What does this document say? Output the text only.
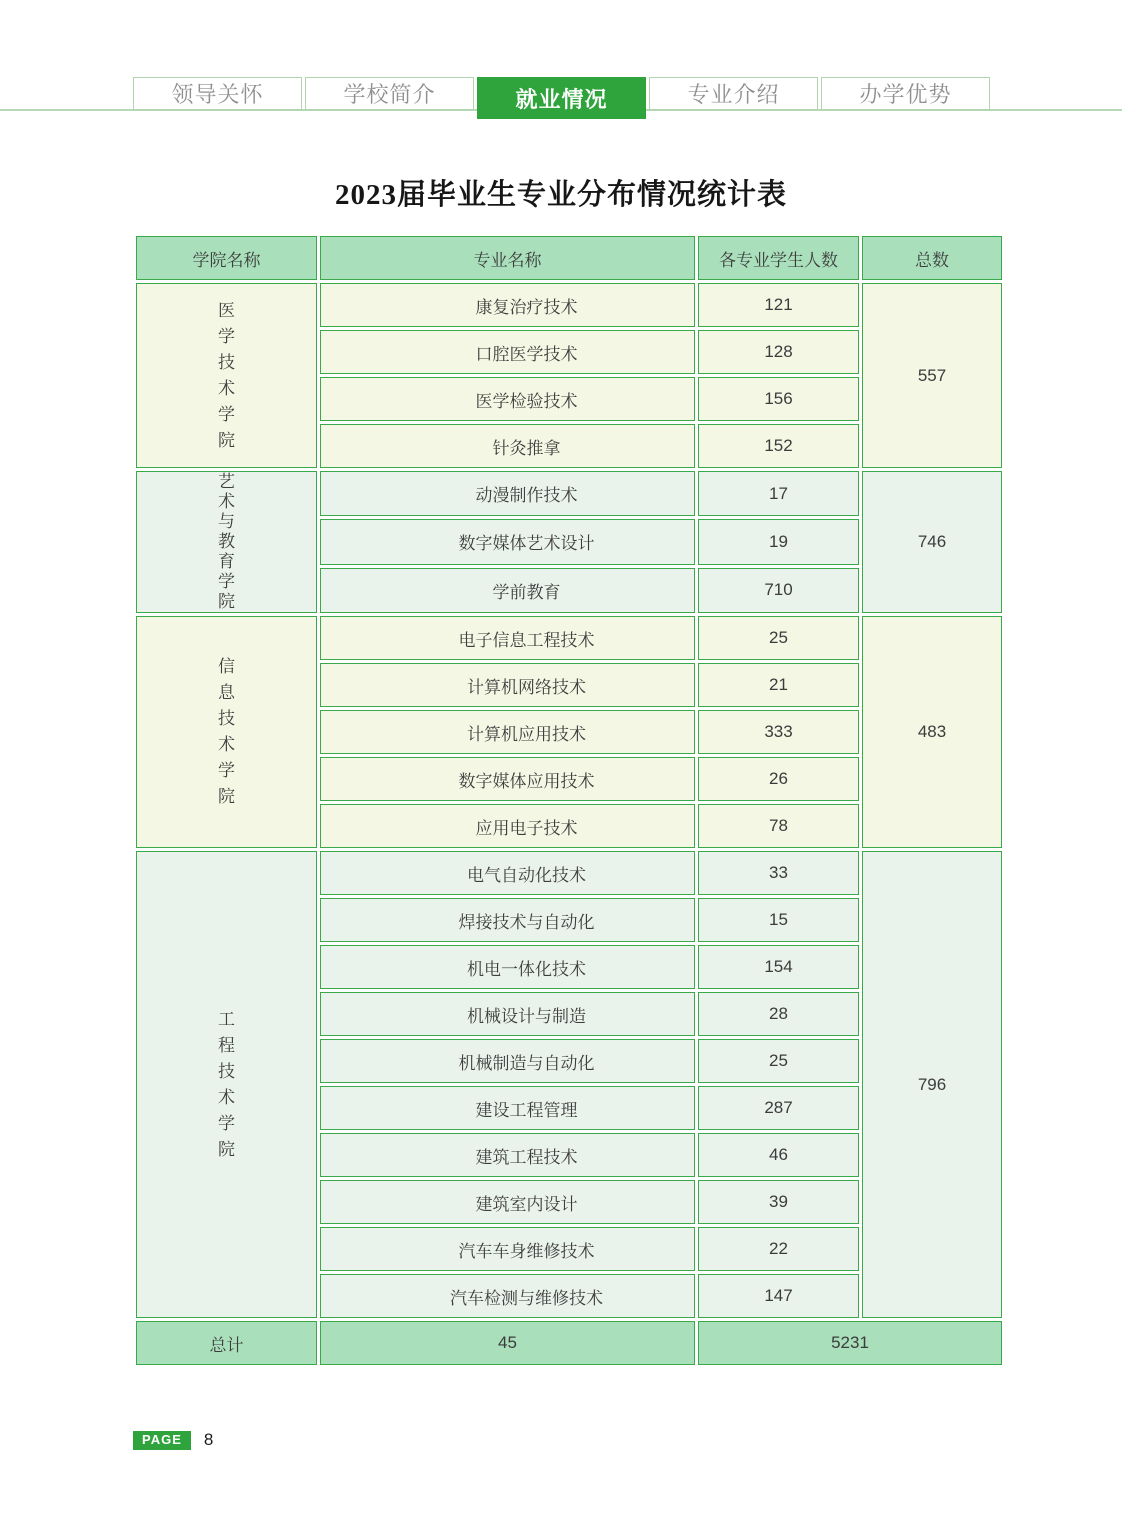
领导关怀	学校简介	就业情况	专业介绍	办学优势
2023届毕业生专业分布情况统计表
学院名称	专业名称	各专业学生人数	总数

医学技术学院	康复治疗技术	121	557
	口腔医学技术	128	
	医学检验技术	156	
	针灸推拿	152	

艺术与教育学院	动漫制作技术	17	746
	数字媒体艺术设计	19	
	学前教育	710	

信息技术学院	电子信息工程技术	25	483
	计算机网络技术	21	
	计算机应用技术	333	
	数字媒体应用技术	26	
	应用电子技术	78	

工程技术学院	电气自动化技术	33	796
	焊接技术与自动化	15	
	机电一体化技术	154	
	机械设计与制造	28	
	机械制造与自动化	25	
	建设工程管理	287	
	建筑工程技术	46	
	建筑室内设计	39	
	汽车车身维修技术	22	
	汽车检测与维修技术	147	
总计	45	5231	
PAGE	8
